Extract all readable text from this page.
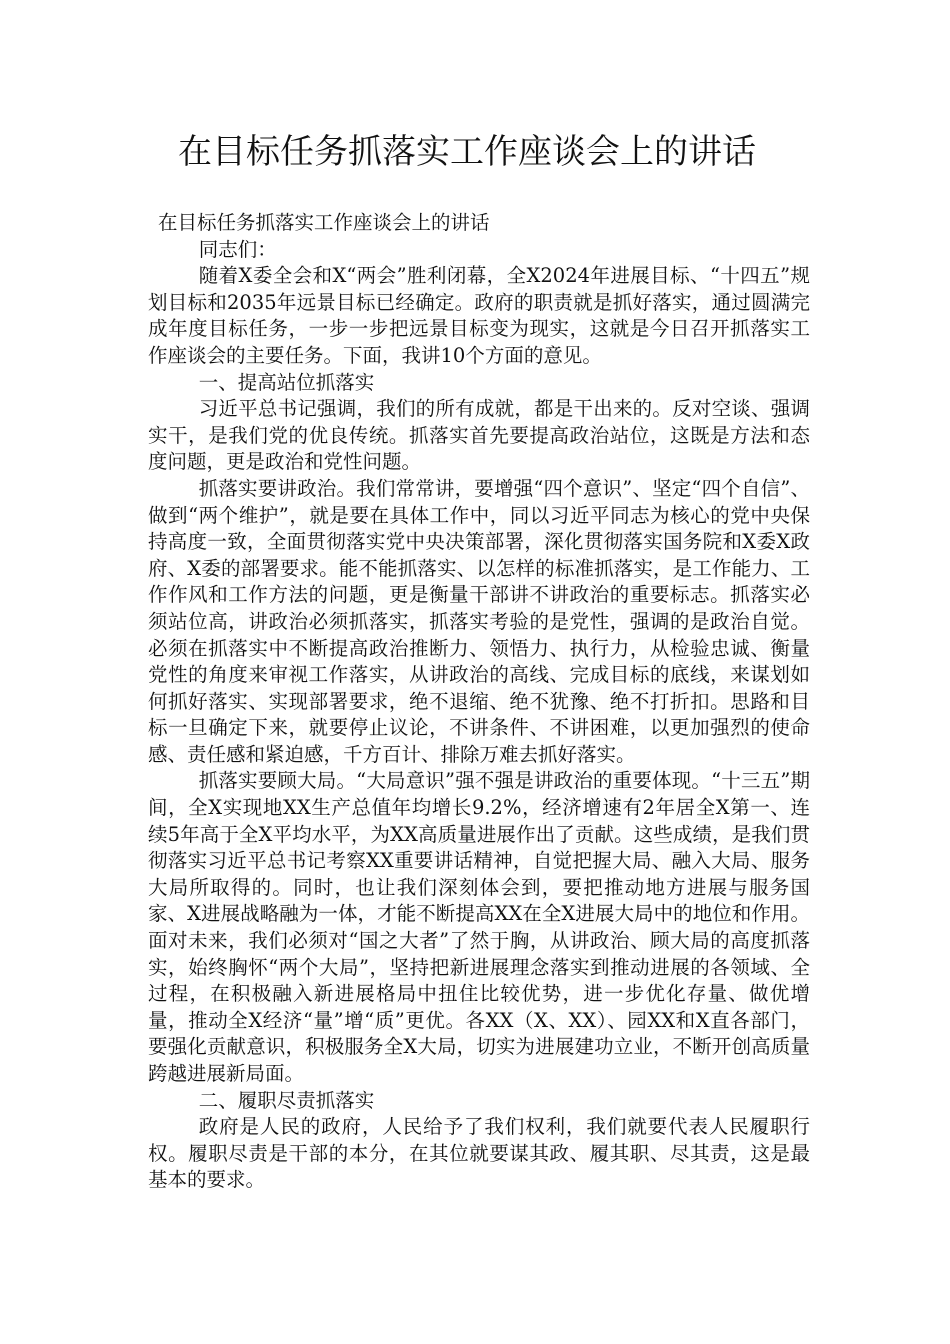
在目标任务抓落实工作座谈会上的讲话

在目标任务抓落实工作座谈会上的讲话

同志们：

随着X委全会和X“两会”胜利闭幕，全X2024年进展目标、“十四五”规划目标和2035年远景目标已经确定。政府的职责就是抓好落实，通过圆满完成年度目标任务，一步一步把远景目标变为现实，这就是今日召开抓落实工作座谈会的主要任务。下面，我讲10个方面的意见。

一、提高站位抓落实

习近平总书记强调，我们的所有成就，都是干出来的。反对空谈、强调实干，是我们党的优良传统。抓落实首先要提高政治站位，这既是方法和态度问题，更是政治和党性问题。

抓落实要讲政治。我们常常讲，要增强“四个意识”、坚定“四个自信”、做到“两个维护”，就是要在具体工作中，同以习近平同志为核心的党中央保持高度一致，全面贯彻落实党中央决策部署，深化贯彻落实国务院和X委X政府、X委的部署要求。能不能抓落实、以怎样的标准抓落实，是工作能力、工作作风和工作方法的问题，更是衡量干部讲不讲政治的重要标志。抓落实必须站位高，讲政治必须抓落实，抓落实考验的是党性，强调的是政治自觉。必须在抓落实中不断提高政治推断力、领悟力、执行力，从检验忠诚、衡量党性的角度来审视工作落实，从讲政治的高线、完成目标的底线，来谋划如何抓好落实、实现部署要求，绝不退缩、绝不犹豫、绝不打折扣。思路和目标一旦确定下来，就要停止议论，不讲条件、不讲困难，以更加强烈的使命感、责任感和紧迫感，千方百计、排除万难去抓好落实。

抓落实要顾大局。“大局意识”强不强是讲政治的重要体现。“十三五”期间，全X实现地XX生产总值年均增长9.2%，经济增速有2年居全X第一、连续5年高于全X平均水平，为XX高质量进展作出了贡献。这些成绩，是我们贯彻落实习近平总书记考察XX重要讲话精神，自觉把握大局、融入大局、服务大局所取得的。同时，也让我们深刻体会到，要把推动地方进展与服务国家、X进展战略融为一体，才能不断提高XX在全X进展大局中的地位和作用。面对未来，我们必须对“国之大者”了然于胸，从讲政治、顾大局的高度抓落实，始终胸怀“两个大局”，坚持把新进展理念落实到推动进展的各领域、全过程，在积极融入新进展格局中扭住比较优势，进一步优化存量、做优增量，推动全X经济“量”增“质”更优。各XX（X、XX）、园XX和X直各部门，要强化贡献意识，积极服务全X大局，切实为进展建功立业，不断开创高质量跨越进展新局面。

二、履职尽责抓落实

政府是人民的政府，人民给予了我们权利，我们就要代表人民履职行权。履职尽责是干部的本分，在其位就要谋其政、履其职、尽其责，这是最基本的要求。
